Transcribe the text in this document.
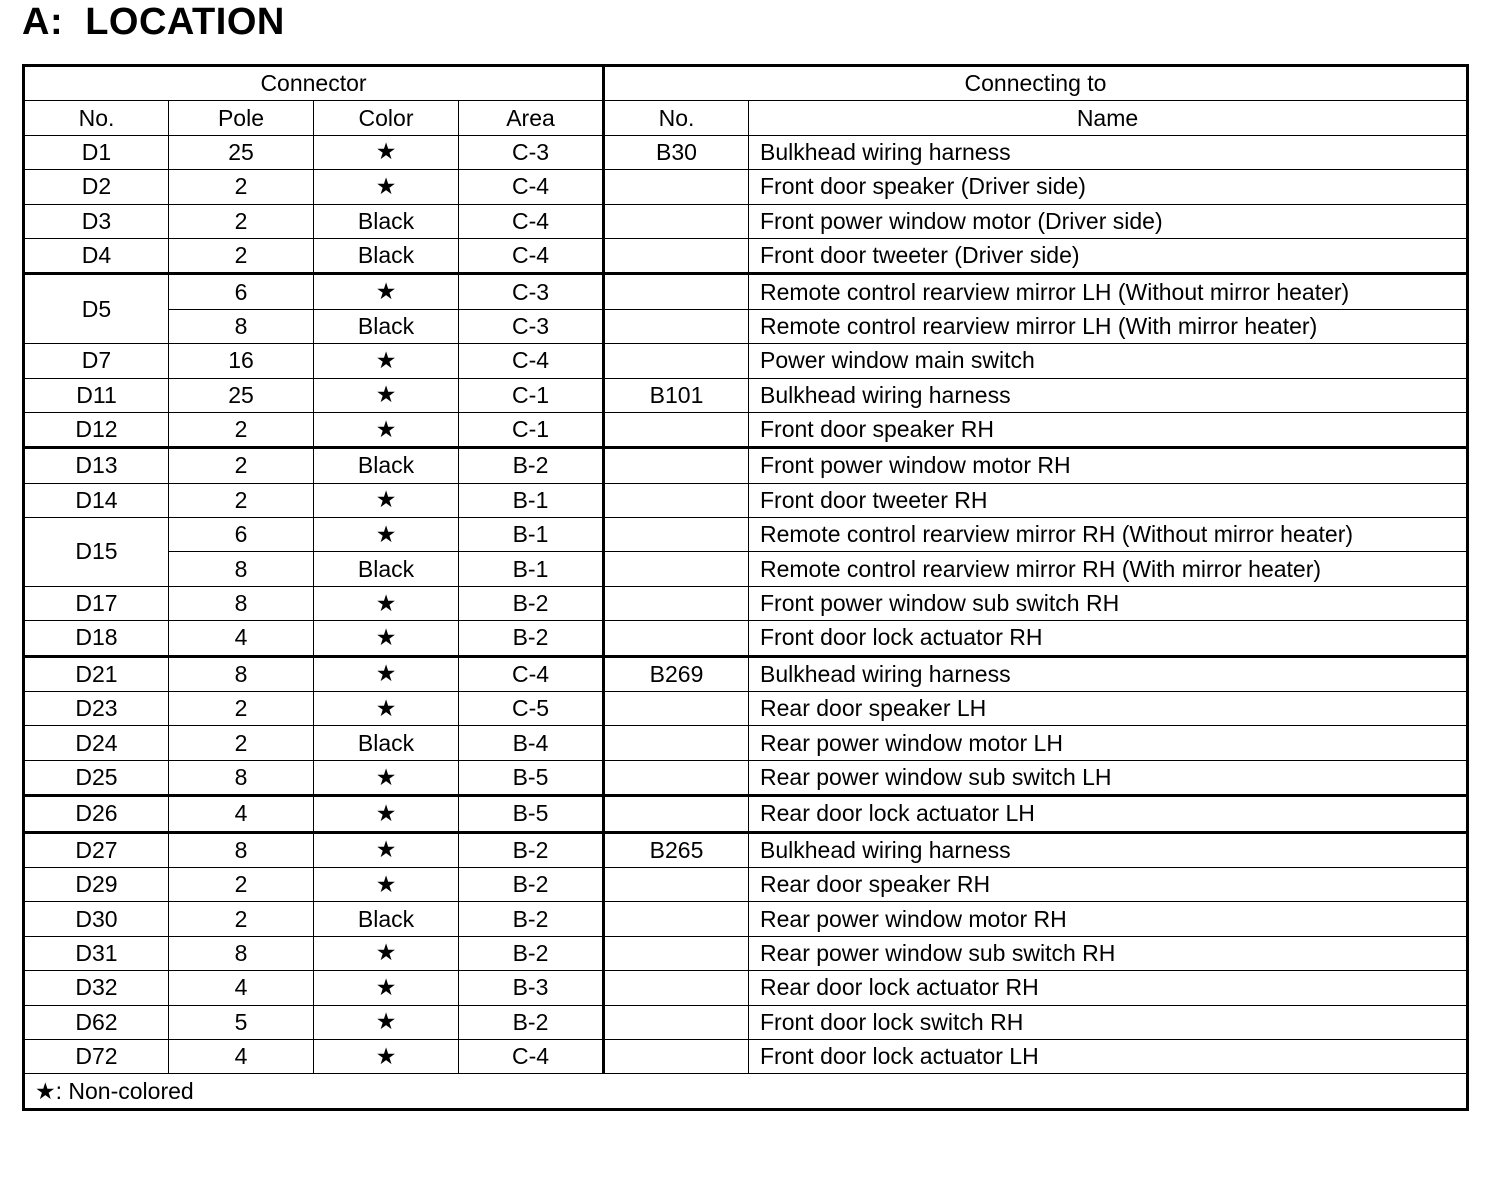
A:  LOCATION
Connector				Connecting to	
No.	Pole	Color	Area	No.	Name
D1	25	★	C-3	B30	Bulkhead wiring harness
D2	2	★	C-4		Front door speaker (Driver side)
D3	2	Black	C-4		Front power window motor (Driver side)
D4	2	Black	C-4		Front door tweeter (Driver side)
D5	6	★	C-3		Remote control rearview mirror LH (Without mirror heater)
	8	Black	C-3		Remote control rearview mirror LH (With mirror heater)
D7	16	★	C-4		Power window main switch
D11	25	★	C-1	B101	Bulkhead wiring harness
D12	2	★	C-1		Front door speaker RH
D13	2	Black	B-2		Front power window motor RH
D14	2	★	B-1		Front door tweeter RH
D15	6	★	B-1		Remote control rearview mirror RH (Without mirror heater)
	8	Black	B-1		Remote control rearview mirror RH (With mirror heater)
D17	8	★	B-2		Front power window sub switch RH
D18	4	★	B-2		Front door lock actuator RH
D21	8	★	C-4	B269	Bulkhead wiring harness
D23	2	★	C-5		Rear door speaker LH
D24	2	Black	B-4		Rear power window motor LH
D25	8	★	B-5		Rear power window sub switch LH
D26	4	★	B-5		Rear door lock actuator LH
D27	8	★	B-2	B265	Bulkhead wiring harness
D29	2	★	B-2		Rear door speaker RH
D30	2	Black	B-2		Rear power window motor RH
D31	8	★	B-2		Rear power window sub switch RH
D32	4	★	B-3		Rear door lock actuator RH
D62	5	★	B-2		Front door lock switch RH
D72	4	★	C-4		Front door lock actuator LH
★: Non-colored					
